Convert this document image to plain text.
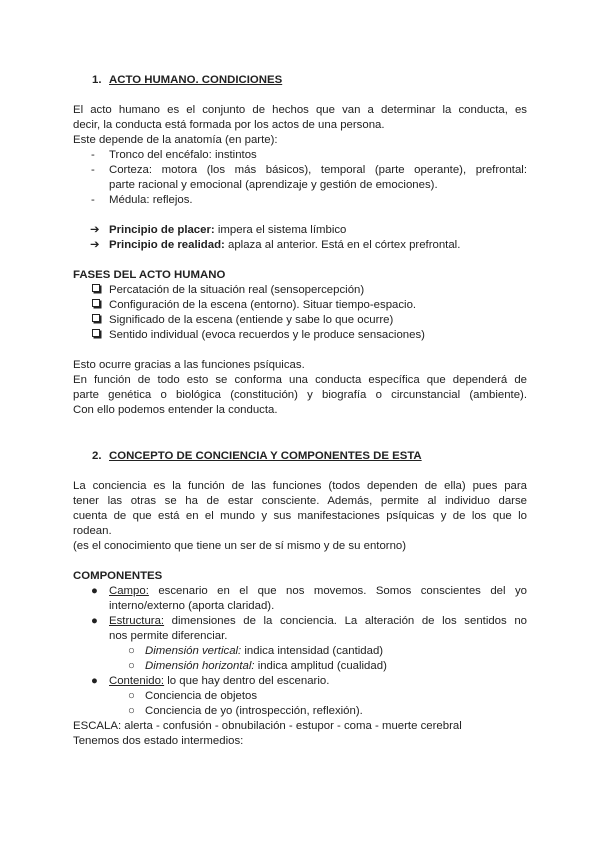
1. ACTO HUMANO. CONDICIONES
El acto humano es el conjunto de hechos que van a determinar la conducta, es
decir, la conducta está formada por los actos de una persona.
Este depende de la anatomía (en parte):
- Tronco del encéfalo: instintos
- Corteza: motora (los más básicos), temporal (parte operante), prefrontal:
parte racional y emocional (aprendizaje y gestión de emociones).
- Médula: reflejos.
➔ Principio de placer: impera el sistema límbico
➔ Principio de realidad: aplaza al anterior. Está en el córtex prefrontal.
FASES DEL ACTO HUMANO
Percatación de la situación real (sensopercepción)
Configuración de la escena (entorno). Situar tiempo-espacio.
Significado de la escena (entiende y sabe lo que ocurre)
Sentido individual (evoca recuerdos y le produce sensaciones)
Esto ocurre gracias a las funciones psíquicas.
En función de todo esto se conforma una conducta específica que dependerá de
parte genética o biológica (constitución) y biografía o circunstancial (ambiente).
Con ello podemos entender la conducta.
2. CONCEPTO DE CONCIENCIA Y COMPONENTES DE ESTA
La conciencia es la función de las funciones (todos dependen de ella) pues para
tener las otras se ha de estar consciente. Además, permite al individuo darse
cuenta de que está en el mundo y sus manifestaciones psíquicas y de los que lo
rodean.
(es el conocimiento que tiene un ser de sí mismo y de su entorno)
COMPONENTES
● Campo: escenario en el que nos movemos. Somos conscientes del yo
interno/externo (aporta claridad).
● Estructura: dimensiones de la conciencia. La alteración de los sentidos no
nos permite diferenciar.
○ Dimensión vertical: indica intensidad (cantidad)
○ Dimensión horizontal: indica amplitud (cualidad)
● Contenido: lo que hay dentro del escenario.
○ Conciencia de objetos
○ Conciencia de yo (introspección, reflexión).
ESCALA: alerta - confusión - obnubilación - estupor - coma - muerte cerebral
Tenemos dos estado intermedios:
